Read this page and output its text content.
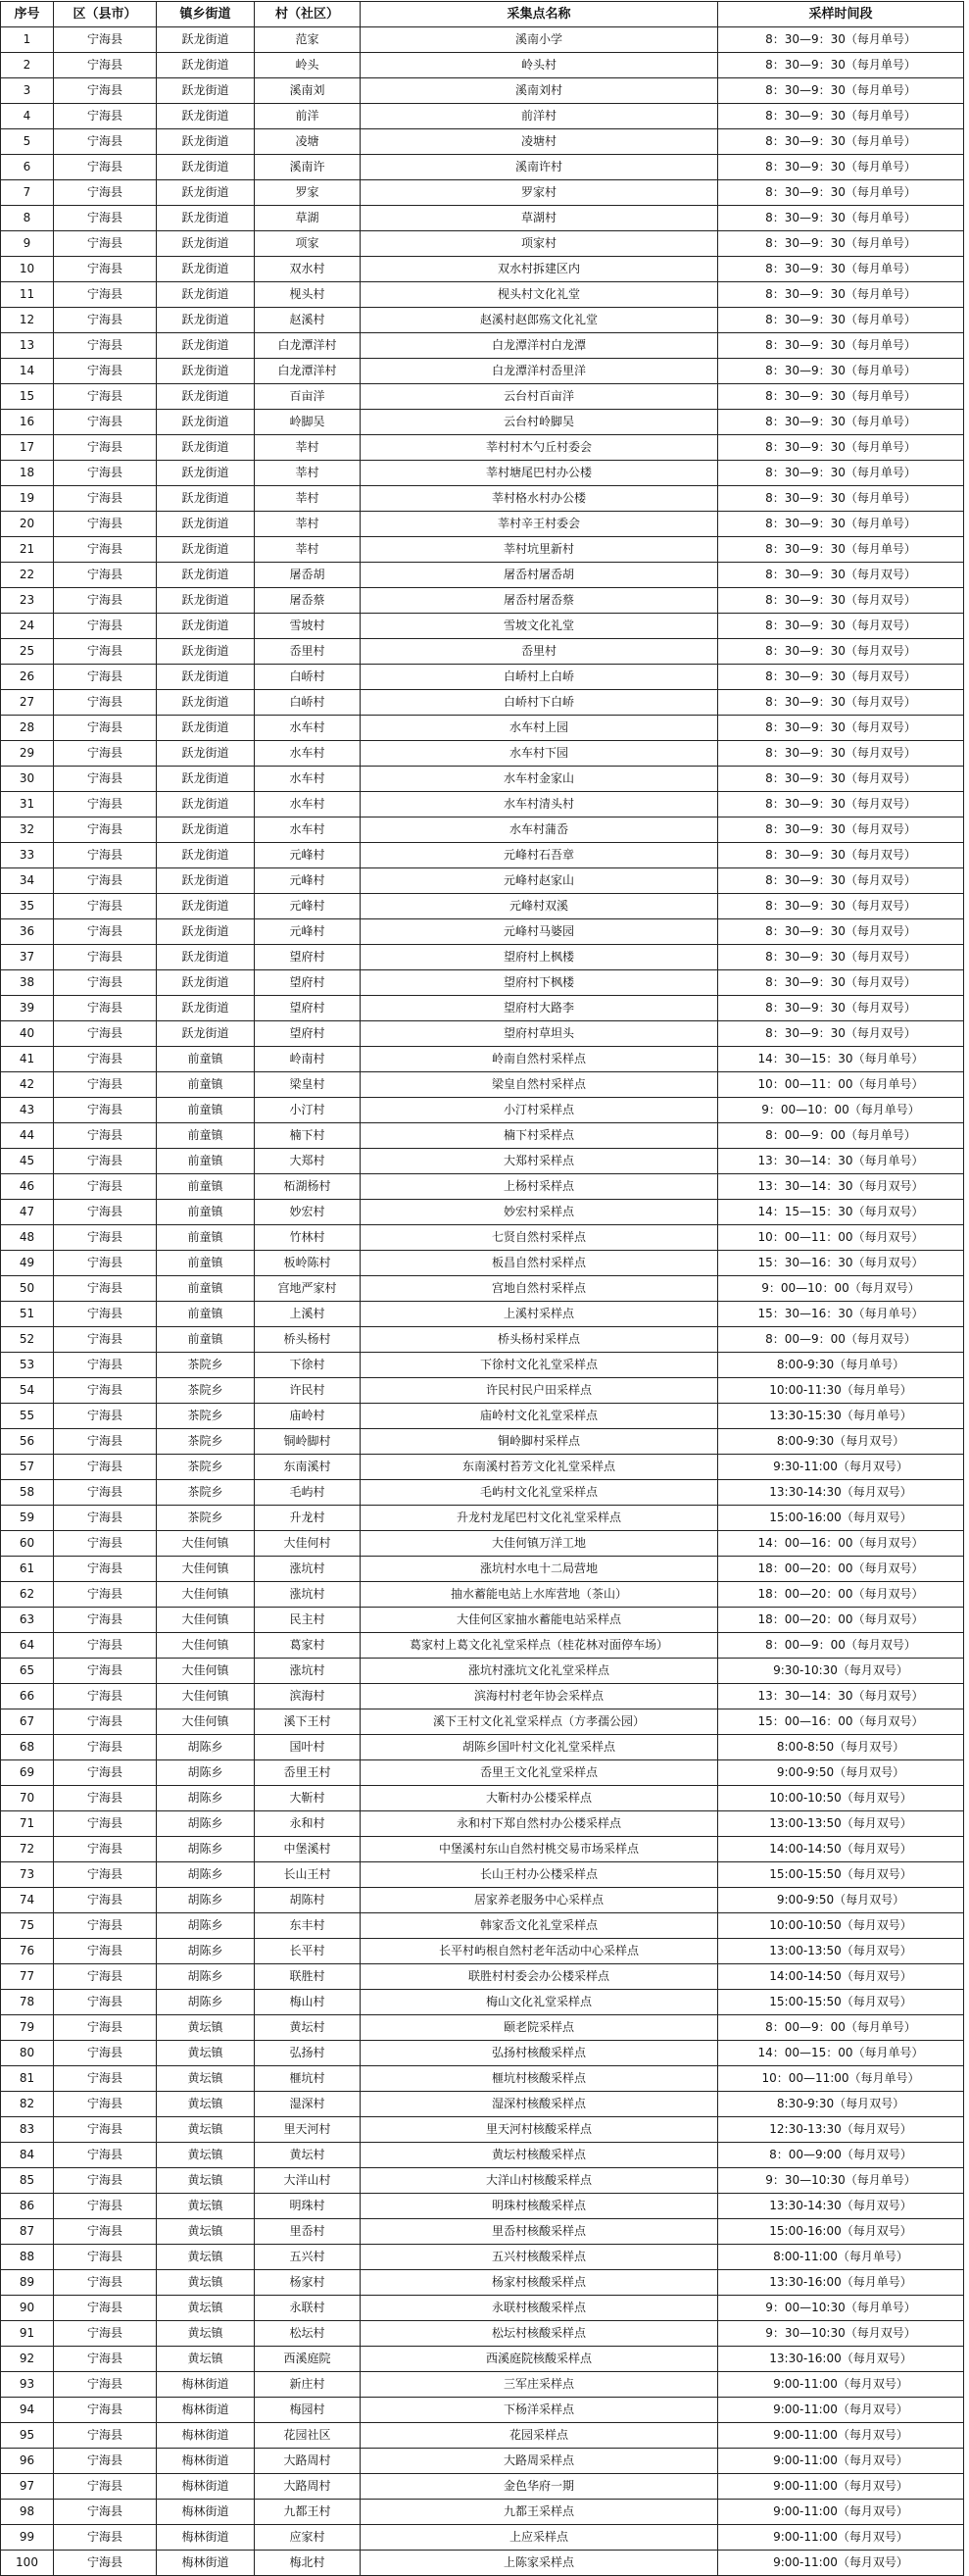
序号	区（县市）	镇乡街道	村（社区）	采集点名称	采样时间段
1	宁海县	跃龙街道	范家	溪南小学	8：30—9：30（每月单号）
2	宁海县	跃龙街道	岭头	岭头村	8：30—9：30（每月单号）
3	宁海县	跃龙街道	溪南刘	溪南刘村	8：30—9：30（每月单号）
4	宁海县	跃龙街道	前洋	前洋村	8：30—9：30（每月单号）
5	宁海县	跃龙街道	凌塘	凌塘村	8：30—9：30（每月单号）
6	宁海县	跃龙街道	溪南许	溪南许村	8：30—9：30（每月单号）
7	宁海县	跃龙街道	罗家	罗家村	8：30—9：30（每月单号）
8	宁海县	跃龙街道	草湖	草湖村	8：30—9：30（每月单号）
9	宁海县	跃龙街道	项家	项家村	8：30—9：30（每月单号）
10	宁海县	跃龙街道	双水村	双水村拆建区内	8：30—9：30（每月单号）
11	宁海县	跃龙街道	枧头村	枧头村文化礼堂	8：30—9：30（每月单号）
12	宁海县	跃龙街道	赵溪村	赵溪村赵郎殇文化礼堂	8：30—9：30（每月单号）
13	宁海县	跃龙街道	白龙潭洋村	白龙潭洋村白龙潭	8：30—9：30（每月单号）
14	宁海县	跃龙街道	白龙潭洋村	白龙潭洋村岙里洋	8：30—9：30（每月单号）
15	宁海县	跃龙街道	百亩洋	云台村百亩洋	8：30—9：30（每月单号）
16	宁海县	跃龙街道	岭脚吴	云台村岭脚吴	8：30—9：30（每月单号）
17	宁海县	跃龙街道	莘村	莘村村木勺丘村委会	8：30—9：30（每月单号）
18	宁海县	跃龙街道	莘村	莘村塘尾巴村办公楼	8：30—9：30（每月单号）
19	宁海县	跃龙街道	莘村	莘村格水村办公楼	8：30—9：30（每月单号）
20	宁海县	跃龙街道	莘村	莘村辛王村委会	8：30—9：30（每月单号）
21	宁海县	跃龙街道	莘村	莘村坑里新村	8：30—9：30（每月单号）
22	宁海县	跃龙街道	屠岙胡	屠岙村屠岙胡	8：30—9：30（每月双号）
23	宁海县	跃龙街道	屠岙蔡	屠岙村屠岙蔡	8：30—9：30（每月双号）
24	宁海县	跃龙街道	雪坡村	雪坡文化礼堂	8：30—9：30（每月双号）
25	宁海县	跃龙街道	岙里村	岙里村	8：30—9：30（每月双号）
26	宁海县	跃龙街道	白峤村	白峤村上白峤	8：30—9：30（每月双号）
27	宁海县	跃龙街道	白峤村	白峤村下白峤	8：30—9：30（每月双号）
28	宁海县	跃龙街道	水车村	水车村上园	8：30—9：30（每月双号）
29	宁海县	跃龙街道	水车村	水车村下园	8：30—9：30（每月双号）
30	宁海县	跃龙街道	水车村	水车村金家山	8：30—9：30（每月双号）
31	宁海县	跃龙街道	水车村	水车村清头村	8：30—9：30（每月双号）
32	宁海县	跃龙街道	水车村	水车村蒲岙	8：30—9：30（每月双号）
33	宁海县	跃龙街道	元峰村	元峰村石吾章	8：30—9：30（每月双号）
34	宁海县	跃龙街道	元峰村	元峰村赵家山	8：30—9：30（每月双号）
35	宁海县	跃龙街道	元峰村	元峰村双溪	8：30—9：30（每月双号）
36	宁海县	跃龙街道	元峰村	元峰村马婆园	8：30—9：30（每月双号）
37	宁海县	跃龙街道	望府村	望府村上枫楼	8：30—9：30（每月双号）
38	宁海县	跃龙街道	望府村	望府村下枫楼	8：30—9：30（每月双号）
39	宁海县	跃龙街道	望府村	望府村大路李	8：30—9：30（每月双号）
40	宁海县	跃龙街道	望府村	望府村草坦头	8：30—9：30（每月双号）
41	宁海县	前童镇	岭南村	岭南自然村采样点	14：30—15：30（每月单号）
42	宁海县	前童镇	梁皇村	梁皇自然村采样点	10：00—11：00（每月单号）
43	宁海县	前童镇	小汀村	小汀村采样点	9：00—10：00（每月单号）
44	宁海县	前童镇	楠下村	楠下村采样点	8：00—9：00（每月单号）
45	宁海县	前童镇	大郑村	大郑村采样点	13：30—14：30（每月单号）
46	宁海县	前童镇	柘湖杨村	上杨村采样点	13：30—14：30（每月双号）
47	宁海县	前童镇	妙宏村	妙宏村采样点	14：15—15：30（每月双号）
48	宁海县	前童镇	竹林村	七贤自然村采样点	10：00—11：00（每月双号）
49	宁海县	前童镇	板岭陈村	板昌自然村采样点	15：30—16：30（每月双号）
50	宁海县	前童镇	宫地严家村	宫地自然村采样点	9：00—10：00（每月双号）
51	宁海县	前童镇	上溪村	上溪村采样点	15：30—16：30（每月单号）
52	宁海县	前童镇	桥头杨村	桥头杨村采样点	8：00—9：00（每月双号）
53	宁海县	茶院乡	下徐村	下徐村文化礼堂采样点	8:00-9:30（每月单号）
54	宁海县	茶院乡	许民村	许民村民户田采样点	10:00-11:30（每月单号）
55	宁海县	茶院乡	庙岭村	庙岭村文化礼堂采样点	13:30-15:30（每月单号）
56	宁海县	茶院乡	铜岭脚村	铜岭脚村采样点	8:00-9:30（每月双号）
57	宁海县	茶院乡	东南溪村	东南溪村苔芳文化礼堂采样点	9:30-11:00（每月双号）
58	宁海县	茶院乡	毛屿村	毛屿村文化礼堂采样点	13:30-14:30（每月双号）
59	宁海县	茶院乡	升龙村	升龙村龙尾巴村文化礼堂采样点	15:00-16:00（每月双号）
60	宁海县	大佳何镇	大佳何村	大佳何镇万洋工地	14：00—16：00（每月双号）
61	宁海县	大佳何镇	涨坑村	涨坑村水电十二局营地	18：00—20：00（每月双号）
62	宁海县	大佳何镇	涨坑村	抽水蓄能电站上水库营地（茶山）	18：00—20：00（每月双号）
63	宁海县	大佳何镇	民主村	大佳何区家抽水蓄能电站采样点	18：00—20：00（每月双号）
64	宁海县	大佳何镇	葛家村	葛家村上葛文化礼堂采样点（桂花林对面停车场）	8：00—9：00（每月双号）
65	宁海县	大佳何镇	涨坑村	涨坑村涨坑文化礼堂采样点	9:30-10:30（每月双号）
66	宁海县	大佳何镇	滨海村	滨海村村老年协会采样点	13：30—14：30（每月双号）
67	宁海县	大佳何镇	溪下王村	溪下王村文化礼堂采样点（方孝孺公园）	15：00—16：00（每月双号）
68	宁海县	胡陈乡	国叶村	胡陈乡国叶村文化礼堂采样点	8:00-8:50（每月双号）
69	宁海县	胡陈乡	岙里王村	岙里王文化礼堂采样点	9:00-9:50（每月双号）
70	宁海县	胡陈乡	大靳村	大靳村办公楼采样点	10:00-10:50（每月双号）
71	宁海县	胡陈乡	永和村	永和村下郑自然村办公楼采样点	13:00-13:50（每月双号）
72	宁海县	胡陈乡	中堡溪村	中堡溪村东山自然村桃交易市场采样点	14:00-14:50（每月双号）
73	宁海县	胡陈乡	长山王村	长山王村办公楼采样点	15:00-15:50（每月双号）
74	宁海县	胡陈乡	胡陈村	居家养老服务中心采样点	9:00-9:50（每月双号）
75	宁海县	胡陈乡	东丰村	韩家岙文化礼堂采样点	10:00-10:50（每月双号）
76	宁海县	胡陈乡	长平村	长平村屿根自然村老年活动中心采样点	13:00-13:50（每月双号）
77	宁海县	胡陈乡	联胜村	联胜村村委会办公楼采样点	14:00-14:50（每月双号）
78	宁海县	胡陈乡	梅山村	梅山文化礼堂采样点	15:00-15:50（每月双号）
79	宁海县	黄坛镇	黄坛村	颐老院采样点	8：00—9：00（每月单号）
80	宁海县	黄坛镇	弘扬村	弘扬村核酸采样点	14：00—15：00（每月单号）
81	宁海县	黄坛镇	榧坑村	榧坑村核酸采样点	10：00—11:00（每月单号）
82	宁海县	黄坛镇	湿深村	湿深村核酸采样点	8:30-9:30（每月双号）
83	宁海县	黄坛镇	里天河村	里天河村核酸采样点	12:30-13:30（每月双号）
84	宁海县	黄坛镇	黄坛村	黄坛村核酸采样点	8：00—9:00（每月双号）
85	宁海县	黄坛镇	大洋山村	大洋山村核酸采样点	9：30—10:30（每月单号）
86	宁海县	黄坛镇	明珠村	明珠村核酸采样点	13:30-14:30（每月双号）
87	宁海县	黄坛镇	里岙村	里岙村核酸采样点	15:00-16:00（每月双号）
88	宁海县	黄坛镇	五兴村	五兴村核酸采样点	8:00-11:00（每月单号）
89	宁海县	黄坛镇	杨家村	杨家村核酸采样点	13:30-16:00（每月单号）
90	宁海县	黄坛镇	永联村	永联村核酸采样点	9：00—10:30（每月单号）
91	宁海县	黄坛镇	松坛村	松坛村核酸采样点	9：30—10:30（每月双号）
92	宁海县	黄坛镇	西溪庭院	西溪庭院核酸采样点	13:30-16:00（每月双号）
93	宁海县	梅林街道	新庄村	三军庄采样点	9:00-11:00（每月双号）
94	宁海县	梅林街道	梅园村	下杨洋采样点	9:00-11:00（每月双号）
95	宁海县	梅林街道	花园社区	花园采样点	9:00-11:00（每月双号）
96	宁海县	梅林街道	大路周村	大路周采样点	9:00-11:00（每月双号）
97	宁海县	梅林街道	大路周村	金色华府一期	9:00-11:00（每月双号）
98	宁海县	梅林街道	九都王村	九都王采样点	9:00-11:00（每月双号）
99	宁海县	梅林街道	应家村	上应采样点	9:00-11:00（每月双号）
100	宁海县	梅林街道	梅北村	上陈家采样点	9:00-11:00（每月双号）
